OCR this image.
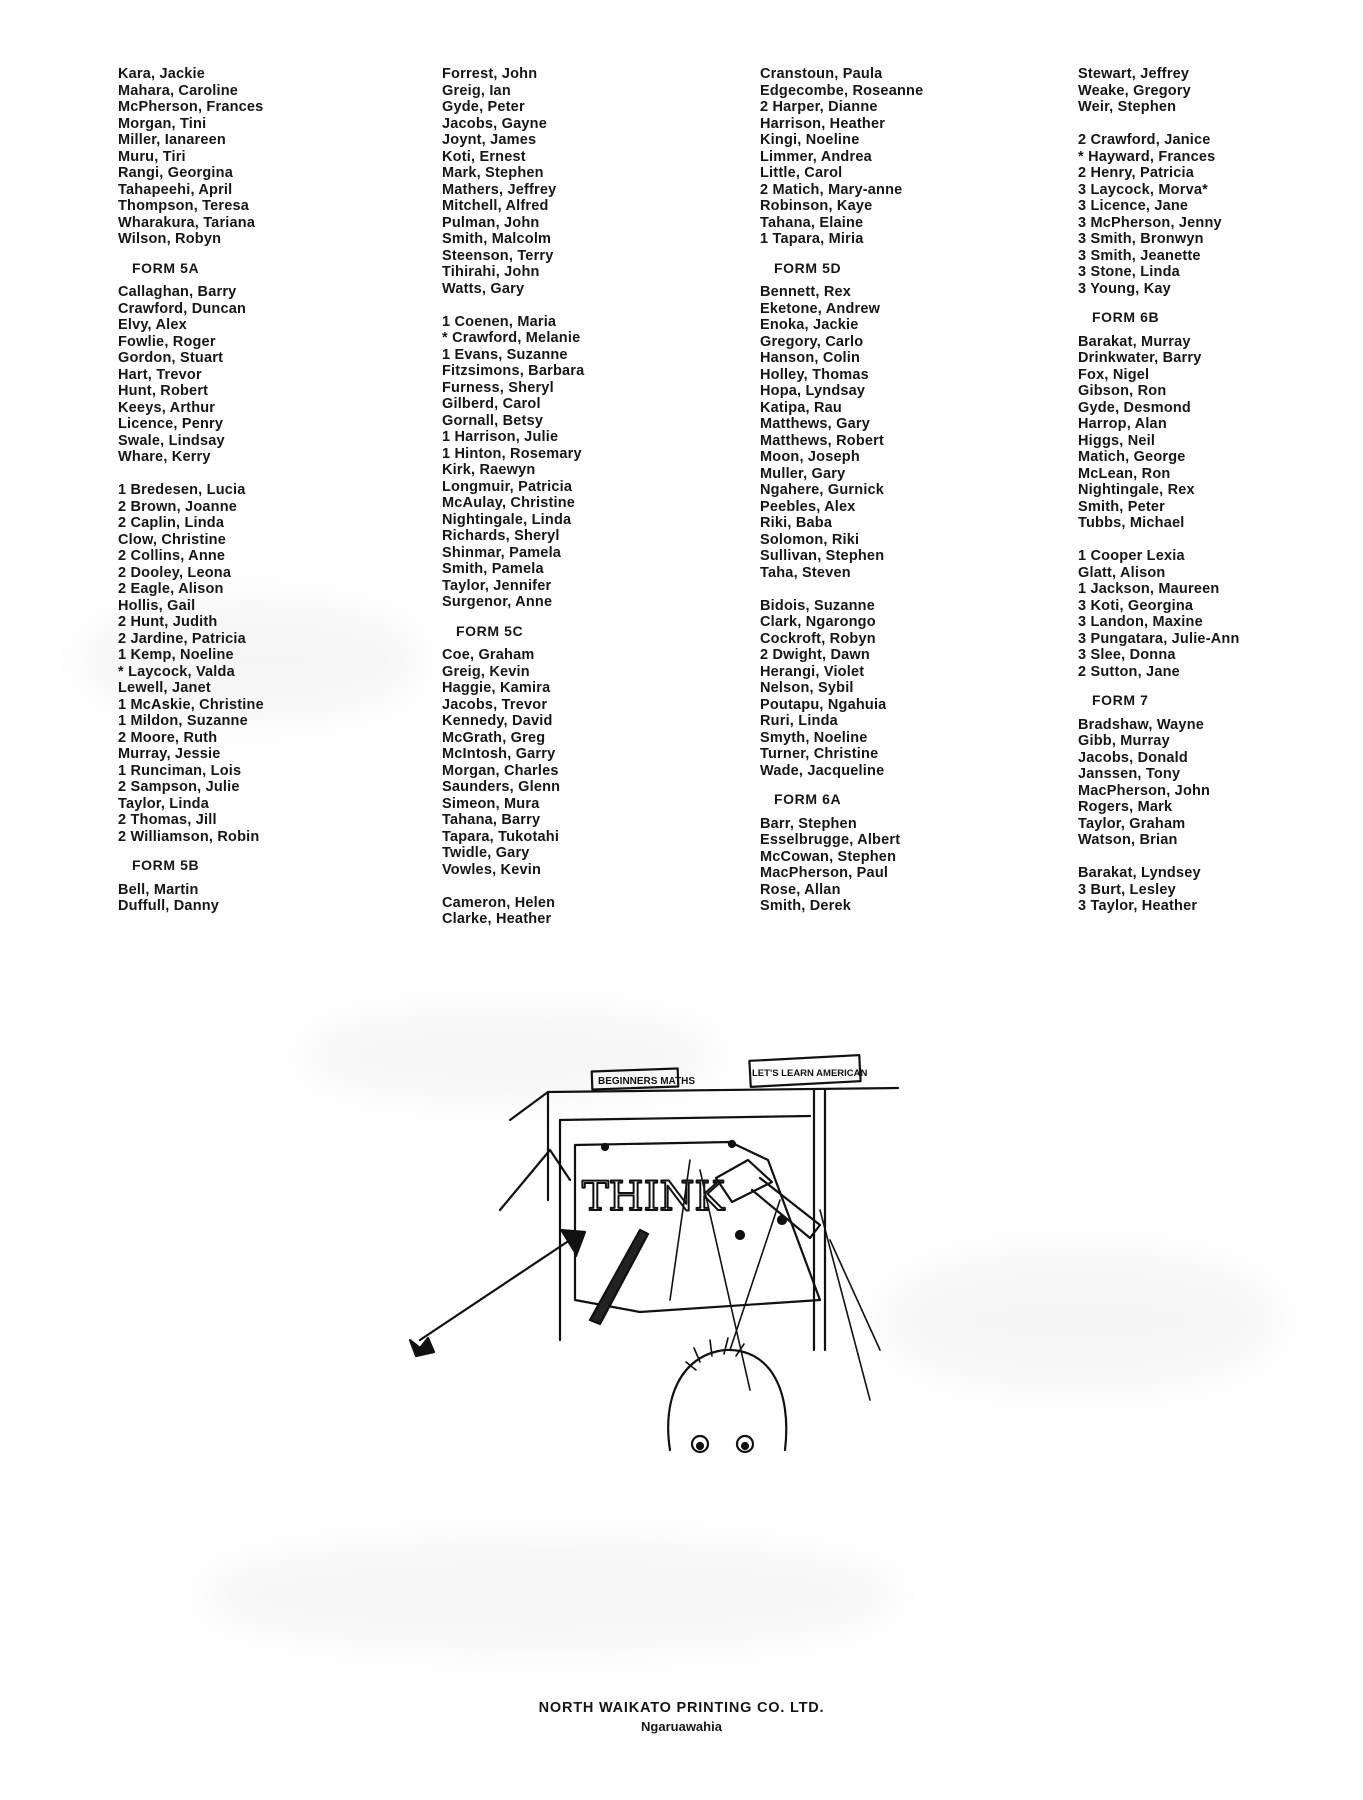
Kara, Jackie
Mahara, Caroline
McPherson, Frances
Morgan, Tini
Miller, Ianareen
Muru, Tiri
Rangi, Georgina
Tahapeehi, April
Thompson, Teresa
Wharakura, Tariana
Wilson, Robyn
FORM 5A
Callaghan, Barry
Crawford, Duncan
Elvy, Alex
Fowlie, Roger
Gordon, Stuart
Hart, Trevor
Hunt, Robert
Keeys, Arthur
Licence, Penry
Swale, Lindsay
Whare, Kerry
1 Bredesen, Lucia
2 Brown, Joanne
2 Caplin, Linda
Clow, Christine
2 Collins, Anne
2 Dooley, Leona
2 Eagle, Alison
Hollis, Gail
2 Hunt, Judith
2 Jardine, Patricia
1 Kemp, Noeline
* Laycock, Valda
Lewell, Janet
1 McAskie, Christine
1 Mildon, Suzanne
2 Moore, Ruth
Murray, Jessie
1 Runciman, Lois
2 Sampson, Julie
Taylor, Linda
2 Thomas, Jill
2 Williamson, Robin
FORM 5B
Bell, Martin
Duffull, Danny
Forrest, John
Greig, Ian
Gyde, Peter
Jacobs, Gayne
Joynt, James
Koti, Ernest
Mark, Stephen
Mathers, Jeffrey
Mitchell, Alfred
Pulman, John
Smith, Malcolm
Steenson, Terry
Tihirahi, John
Watts, Gary
1 Coenen, Maria
* Crawford, Melanie
1 Evans, Suzanne
Fitzsimons, Barbara
Furness, Sheryl
Gilberd, Carol
Gornall, Betsy
1 Harrison, Julie
1 Hinton, Rosemary
Kirk, Raewyn
Longmuir, Patricia
McAulay, Christine
Nightingale, Linda
Richards, Sheryl
Shinmar, Pamela
Smith, Pamela
Taylor, Jennifer
Surgenor, Anne
FORM 5C
Coe, Graham
Greig, Kevin
Haggie, Kamira
Jacobs, Trevor
Kennedy, David
McGrath, Greg
McIntosh, Garry
Morgan, Charles
Saunders, Glenn
Simeon, Mura
Tahana, Barry
Tapara, Tukotahi
Twidle, Gary
Vowles, Kevin
Cameron, Helen
Clarke, Heather
Cranstoun, Paula
Edgecombe, Roseanne
2 Harper, Dianne
Harrison, Heather
Kingi, Noeline
Limmer, Andrea
Little, Carol
2 Matich, Mary-anne
Robinson, Kaye
Tahana, Elaine
1 Tapara, Miria
FORM 5D
Bennett, Rex
Eketone, Andrew
Enoka, Jackie
Gregory, Carlo
Hanson, Colin
Holley, Thomas
Hopa, Lyndsay
Katipa, Rau
Matthews, Gary
Matthews, Robert
Moon, Joseph
Muller, Gary
Ngahere, Gurnick
Peebles, Alex
Riki, Baba
Solomon, Riki
Sullivan, Stephen
Taha, Steven
Bidois, Suzanne
Clark, Ngarongo
Cockroft, Robyn
2 Dwight, Dawn
Herangi, Violet
Nelson, Sybil
Poutapu, Ngahuia
Ruri, Linda
Smyth, Noeline
Turner, Christine
Wade, Jacqueline
FORM 6A
Barr, Stephen
Esselbrugge, Albert
McCowan, Stephen
MacPherson, Paul
Rose, Allan
Smith, Derek
Stewart, Jeffrey
Weake, Gregory
Weir, Stephen
2 Crawford, Janice
* Hayward, Frances
2 Henry, Patricia
3 Laycock, Morva*
3 Licence, Jane
3 McPherson, Jenny
3 Smith, Bronwyn
3 Smith, Jeanette
3 Stone, Linda
3 Young, Kay
FORM 6B
Barakat, Murray
Drinkwater, Barry
Fox, Nigel
Gibson, Ron
Gyde, Desmond
Harrop, Alan
Higgs, Neil
Matich, George
McLean, Ron
Nightingale, Rex
Smith, Peter
Tubbs, Michael
1 Cooper Lexia
Glatt, Alison
1 Jackson, Maureen
3 Koti, Georgina
3 Landon, Maxine
3 Pungatara, Julie-Ann
3 Slee, Donna
2 Sutton, Jane
FORM 7
Bradshaw, Wayne
Gibb, Murray
Jacobs, Donald
Janssen, Tony
MacPherson, John
Rogers, Mark
Taylor, Graham
Watson, Brian
Barakat, Lyndsey
3 Burt, Lesley
3 Taylor, Heather
BEGINNERS MATHS
LET'S LEARN AMERICAN
THINK
NORTH WAIKATO PRINTING CO. LTD.
Ngaruawahia
